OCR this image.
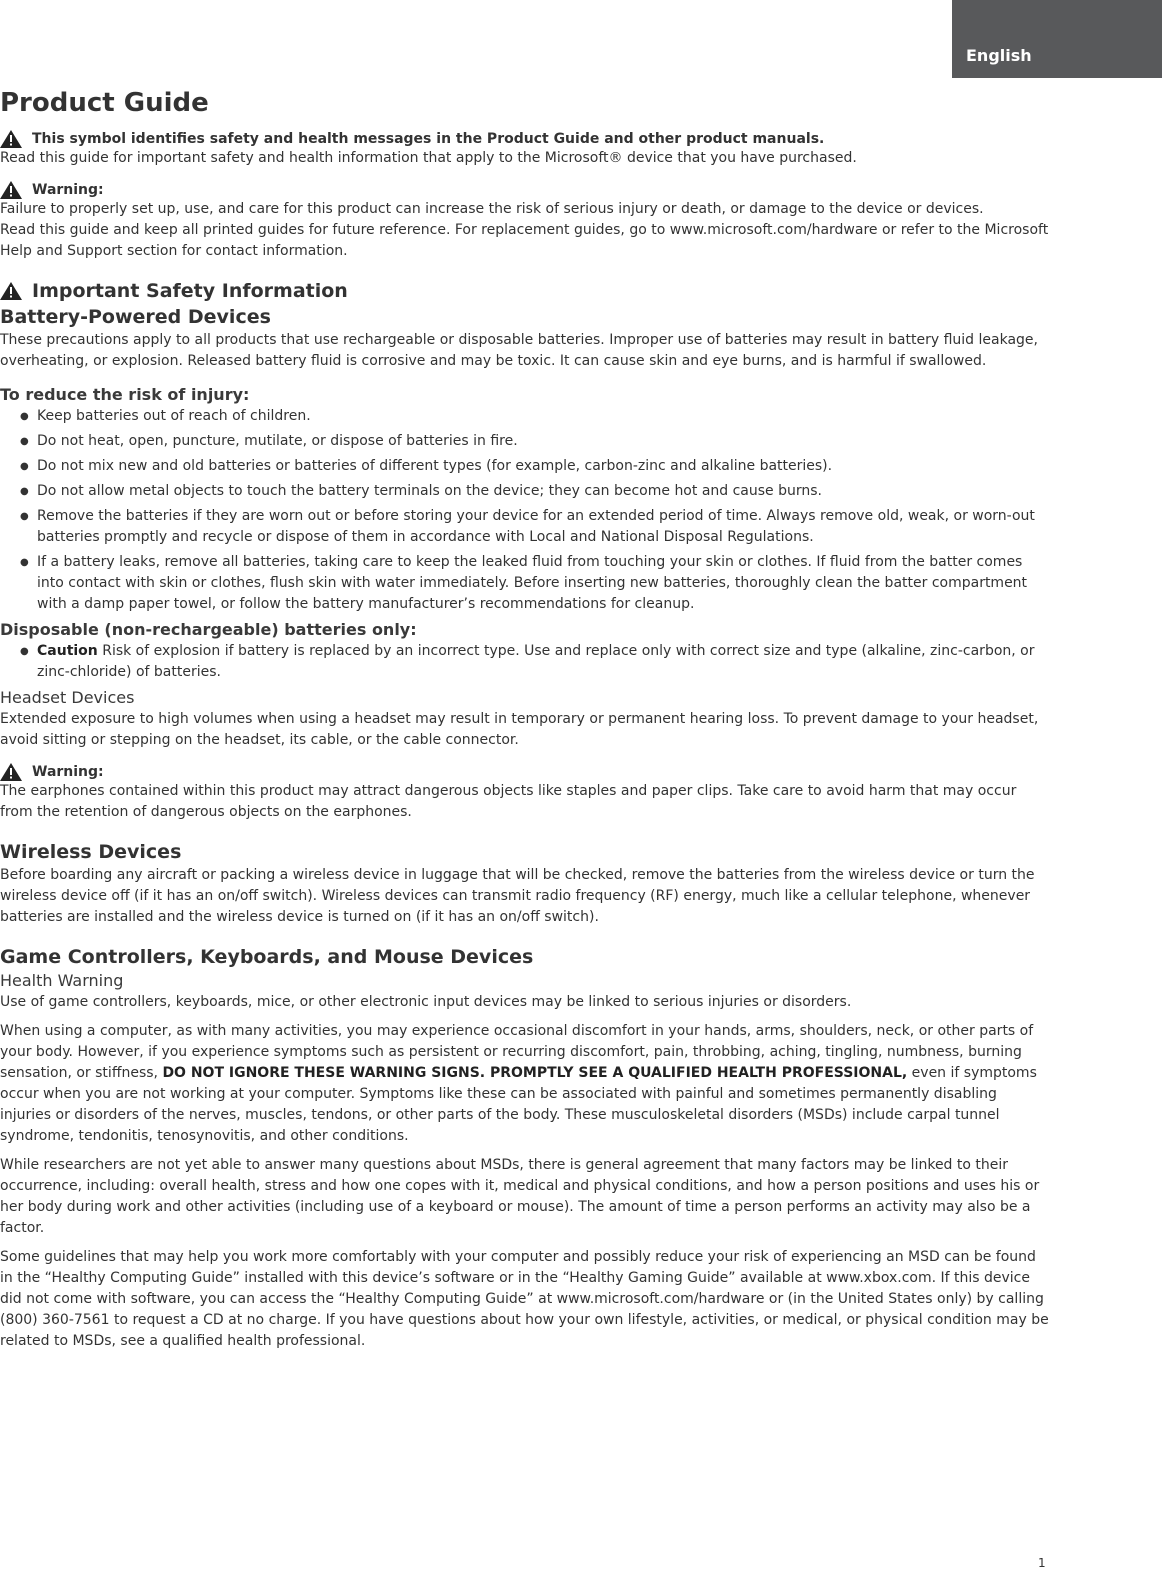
English
Product Guide
This symbol identifies safety and health messages in the Product Guide and other product manuals.

Read this guide for important safety and health information that apply to the Microsoft® device that you have purchased.

Warning:

Failure to properly set up, use, and care for this product can increase the risk of serious injury or death, or damage to the device or devices.

Read this guide and keep all printed guides for future reference. For replacement guides, go to www.microsoft.com/hardware or refer to the Microsoft Help and Support section for contact information.

Important Safety Information
Battery-Powered Devices

These precautions apply to all products that use rechargeable or disposable batteries. Improper use of batteries may result in battery fluid leakage, overheating, or explosion. Released battery fluid is corrosive and may be toxic. It can cause skin and eye burns, and is harmful if swallowed.

To reduce the risk of injury:
● Keep batteries out of reach of children.
● Do not heat, open, puncture, mutilate, or dispose of batteries in fire.
● Do not mix new and old batteries or batteries of different types (for example, carbon-zinc and alkaline batteries).
● Do not allow metal objects to touch the battery terminals on the device; they can become hot and cause burns.
● Remove the batteries if they are worn out or before storing your device for an extended period of time. Always remove old, weak, or worn-out batteries promptly and recycle or dispose of them in accordance with Local and National Disposal Regulations.
● If a battery leaks, remove all batteries, taking care to keep the leaked fluid from touching your skin or clothes. If fluid from the batter comes into contact with skin or clothes, flush skin with water immediately. Before inserting new batteries, thoroughly clean the batter compartment with a damp paper towel, or follow the battery manufacturer’s recommendations for cleanup.
Disposable (non-rechargeable) batteries only:
● Caution Risk of explosion if battery is replaced by an incorrect type. Use and replace only with correct size and type (alkaline, zinc-carbon, or zinc-chloride) of batteries.
Headset Devices

Extended exposure to high volumes when using a headset may result in temporary or permanent hearing loss. To prevent damage to your headset, avoid sitting or stepping on the headset, its cable, or the cable connector.

Warning:

The earphones contained within this product may attract dangerous objects like staples and paper clips. Take care to avoid harm that may occur from the retention of dangerous objects on the earphones.

Wireless Devices

Before boarding any aircraft or packing a wireless device in luggage that will be checked, remove the batteries from the wireless device or turn the wireless device off (if it has an on/off switch). Wireless devices can transmit radio frequency (RF) energy, much like a cellular telephone, whenever batteries are installed and the wireless device is turned on (if it has an on/off switch).

Game Controllers, Keyboards, and Mouse Devices
Health Warning

Use of game controllers, keyboards, mice, or other electronic input devices may be linked to serious injuries or disorders.

When using a computer, as with many activities, you may experience occasional discomfort in your hands, arms, shoulders, neck, or other parts of your body. However, if you experience symptoms such as persistent or recurring discomfort, pain, throbbing, aching, tingling, numbness, burning sensation, or stiffness, DO NOT IGNORE THESE WARNING SIGNS. PROMPTLY SEE A QUALIFIED HEALTH PROFESSIONAL, even if symptoms occur when you are not working at your computer. Symptoms like these can be associated with painful and sometimes permanently disabling injuries or disorders of the nerves, muscles, tendons, or other parts of the body. These musculoskeletal disorders (MSDs) include carpal tunnel syndrome, tendonitis, tenosynovitis, and other conditions.

While researchers are not yet able to answer many questions about MSDs, there is general agreement that many factors may be linked to their occurrence, including: overall health, stress and how one copes with it, medical and physical conditions, and how a person positions and uses his or her body during work and other activities (including use of a keyboard or mouse). The amount of time a person performs an activity may also be a factor.

Some guidelines that may help you work more comfortably with your computer and possibly reduce your risk of experiencing an MSD can be found in the “Healthy Computing Guide” installed with this device’s software or in the “Healthy Gaming Guide” available at www.xbox.com. If this device did not come with software, you can access the “Healthy Computing Guide” at www.microsoft.com/hardware or (in the United States only) by calling (800) 360-7561 to request a CD at no charge. If you have questions about how your own lifestyle, activities, or medical, or physical condition may be related to MSDs, see a qualified health professional.

1
